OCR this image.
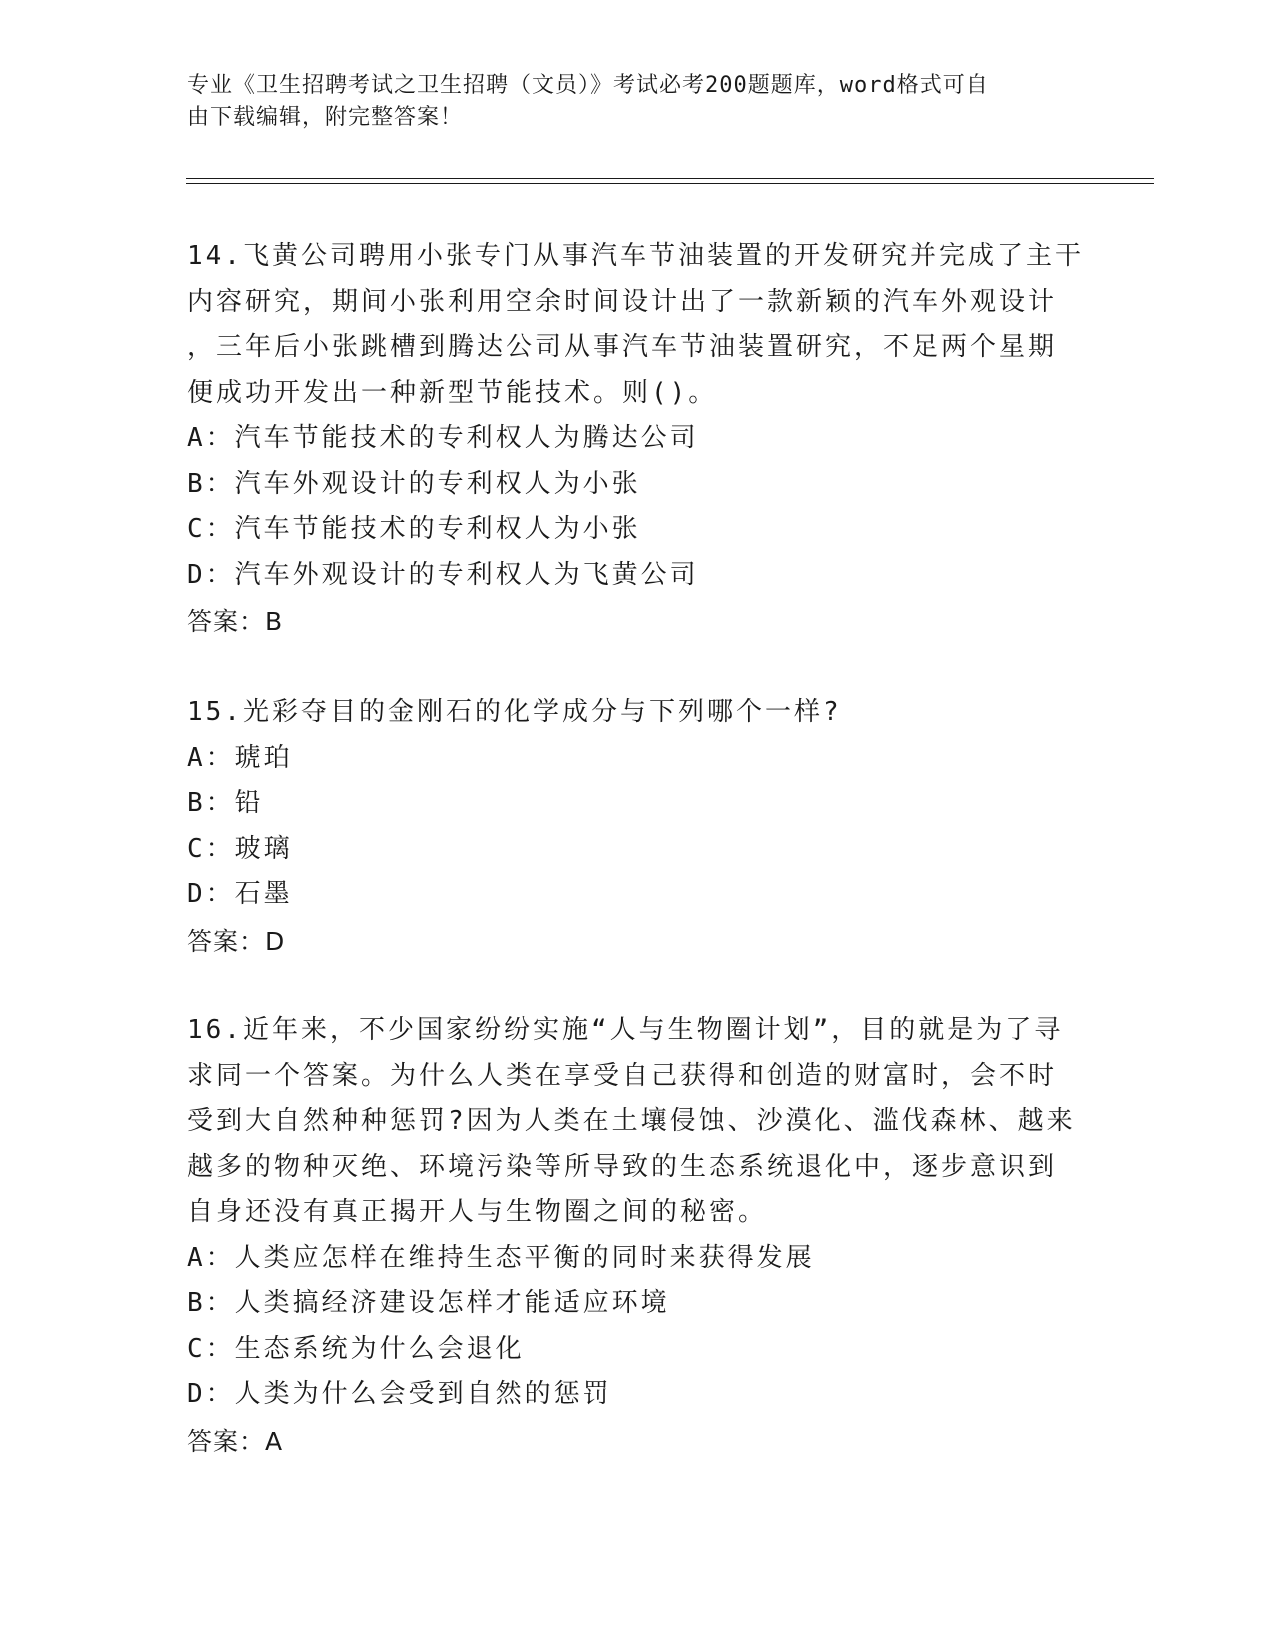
专业《卫生招聘考试之卫生招聘（文员）》考试必考200题题库，word格式可自
由下载编辑，附完整答案！
14.飞黄公司聘用小张专门从事汽车节油装置的开发研究并完成了主干
内容研究，期间小张利用空余时间设计出了一款新颖的汽车外观设计
，三年后小张跳槽到腾达公司从事汽车节油装置研究，不足两个星期
便成功开发出一种新型节能技术。则()。
A：汽车节能技术的专利权人为腾达公司
B：汽车外观设计的专利权人为小张
C：汽车节能技术的专利权人为小张
D：汽车外观设计的专利权人为飞黄公司
答案：B
15.光彩夺目的金刚石的化学成分与下列哪个一样?
A：琥珀
B：铅
C：玻璃
D：石墨
答案：D
16.近年来，不少国家纷纷实施“人与生物圈计划”，目的就是为了寻
求同一个答案。为什么人类在享受自己获得和创造的财富时，会不时
受到大自然种种惩罚?因为人类在土壤侵蚀、沙漠化、滥伐森林、越来
越多的物种灭绝、环境污染等所导致的生态系统退化中，逐步意识到
自身还没有真正揭开人与生物圈之间的秘密。
A：人类应怎样在维持生态平衡的同时来获得发展
B：人类搞经济建设怎样才能适应环境
C：生态系统为什么会退化
D：人类为什么会受到自然的惩罚
答案：A
